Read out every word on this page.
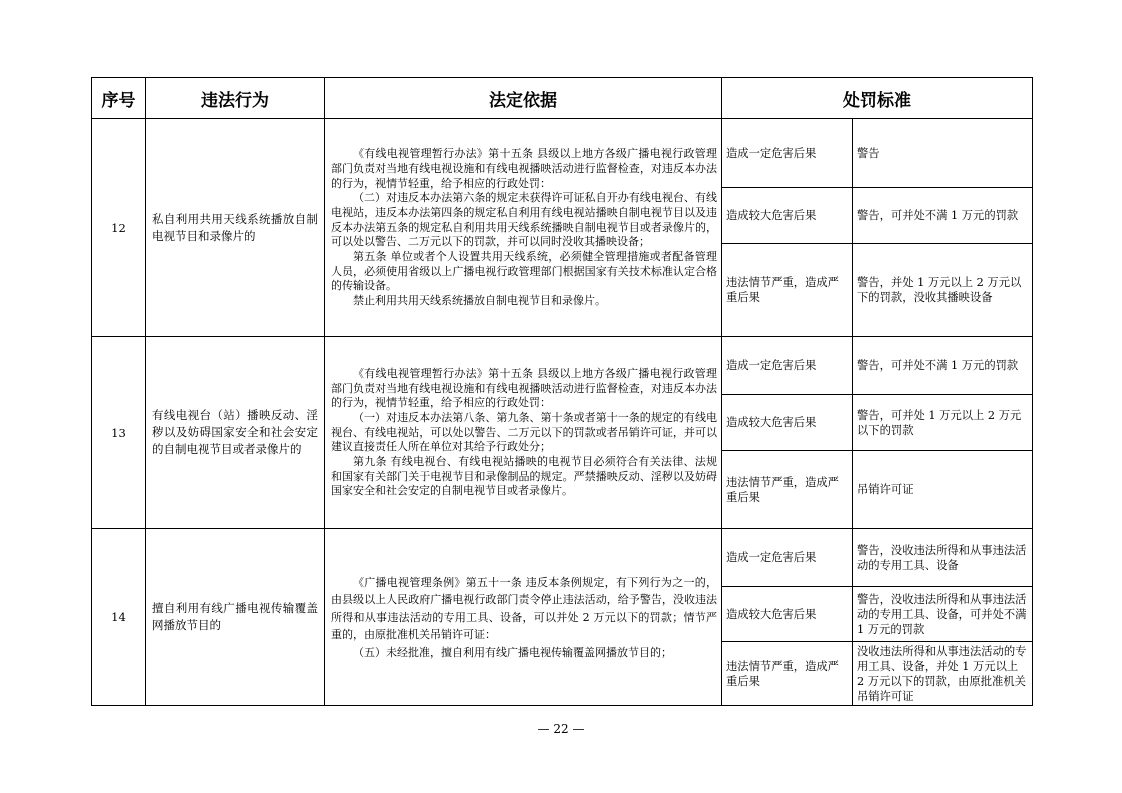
序号	违法行为	法定依据	处罚标准	
12	私自利用共用天线系统播放自制电视节目和录像片的	《有线电视管理暂行办法》第十五条 县级以上地方各级广播电视行政管理部门负责对当地有线电视设施和有线电视播映活动进行监督检查，对违反本办法的行为，视情节轻重，给予相应的行政处罚：

（二）对违反本办法第六条的规定未获得许可证私自开办有线电视台、有线电视站，违反本办法第四条的规定私自利用有线电视站播映自制电视节目以及违反本办法第五条的规定私自利用共用天线系统播映自制电视节目或者录像片的，可以处以警告、二万元以下的罚款，并可以同时没收其播映设备；

第五条 单位或者个人设置共用天线系统，必须健全管理措施或者配备管理人员，必须使用省级以上广播电视行政管理部门根据国家有关技术标准认定合格的传输设备。

禁止利用共用天线系统播放自制电视节目和录像片。	造成一定危害后果	警告
			造成较大危害后果	警告，可并处不满 1 万元的罚款
			违法情节严重，造成严重后果	警告，并处 1 万元以上 2 万元以下的罚款，没收其播映设备
13	有线电视台（站）播映反动、淫秽以及妨碍国家安全和社会安定的自制电视节目或者录像片的	《有线电视管理暂行办法》第十五条 县级以上地方各级广播电视行政管理部门负责对当地有线电视设施和有线电视播映活动进行监督检查，对违反本办法的行为，视情节轻重，给予相应的行政处罚：

（一）对违反本办法第八条、第九条、第十条或者第十一条的规定的有线电视台、有线电视站，可以处以警告、二万元以下的罚款或者吊销许可证，并可以建议直接责任人所在单位对其给予行政处分；

第九条 有线电视台、有线电视站播映的电视节目必须符合有关法律、法规和国家有关部门关于电视节目和录像制品的规定。严禁播映反动、淫秽以及妨碍国家安全和社会安定的自制电视节目或者录像片。	造成一定危害后果	警告，可并处不满 1 万元的罚款
			造成较大危害后果	警告，可并处 1 万元以上 2 万元以下的罚款
			违法情节严重，造成严重后果	吊销许可证
14	擅自利用有线广播电视传输覆盖网播放节目的	《广播电视管理条例》第五十一条 违反本条例规定，有下列行为之一的，由县级以上人民政府广播电视行政部门责令停止违法活动，给予警告，没收违法所得和从事违法活动的专用工具、设备，可以并处 2 万元以下的罚款；情节严重的，由原批准机关吊销许可证：

（五）未经批准，擅自利用有线广播电视传输覆盖网播放节目的；	造成一定危害后果	警告，没收违法所得和从事违法活动的专用工具、设备
			造成较大危害后果	警告，没收违法所得和从事违法活动的专用工具、设备，可并处不满 1 万元的罚款
			违法情节严重，造成严重后果	没收违法所得和从事违法活动的专用工具、设备，并处 1 万元以上 2 万元以下的罚款，由原批准机关吊销许可证
— 22 —
